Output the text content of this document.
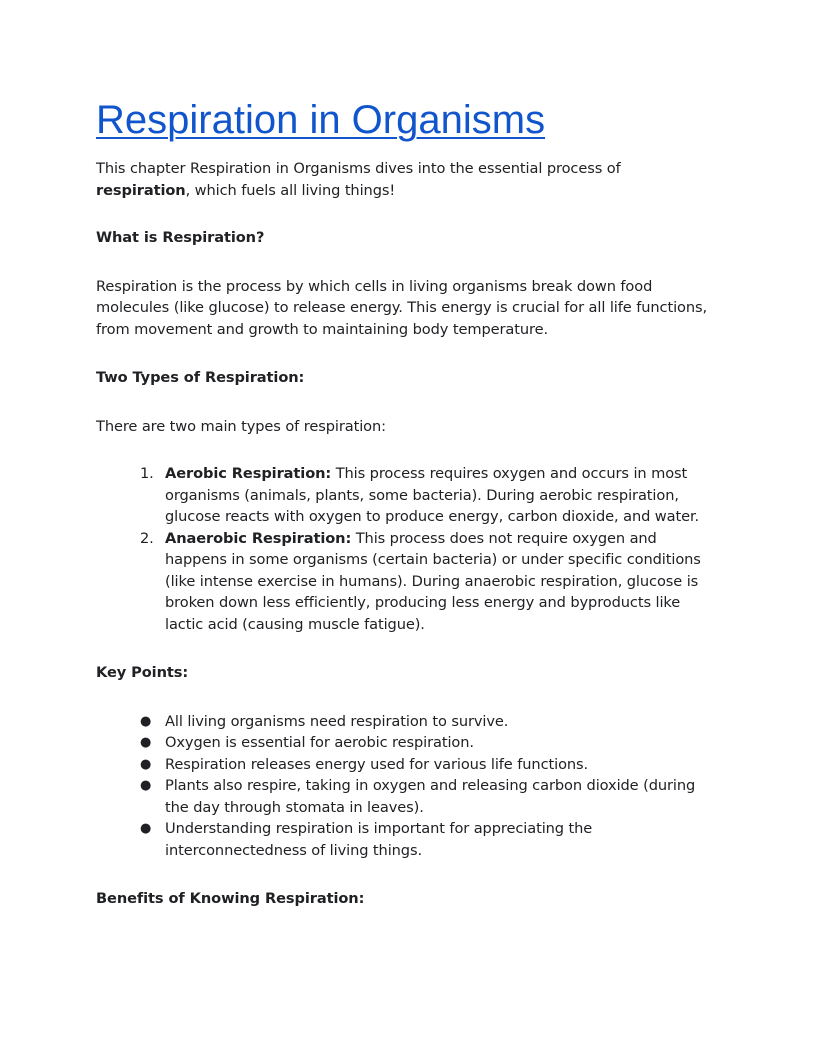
Respiration in Organisms

This chapter Respiration in Organisms dives into the essential process of respiration, which fuels all living things!

What is Respiration?

Respiration is the process by which cells in living organisms break down food molecules (like glucose) to release energy. This energy is crucial for all life functions, from movement and growth to maintaining body temperature.

Two Types of Respiration:

There are two main types of respiration:

1. Aerobic Respiration: This process requires oxygen and occurs in most organisms (animals, plants, some bacteria). During aerobic respiration, glucose reacts with oxygen to produce energy, carbon dioxide, and water.
2. Anaerobic Respiration: This process does not require oxygen and happens in some organisms (certain bacteria) or under specific conditions (like intense exercise in humans). During anaerobic respiration, glucose is broken down less efficiently, producing less energy and byproducts like lactic acid (causing muscle fatigue).

Key Points:

● All living organisms need respiration to survive.
● Oxygen is essential for aerobic respiration.
● Respiration releases energy used for various life functions.
● Plants also respire, taking in oxygen and releasing carbon dioxide (during the day through stomata in leaves).
● Understanding respiration is important for appreciating the interconnectedness of living things.

Benefits of Knowing Respiration:
